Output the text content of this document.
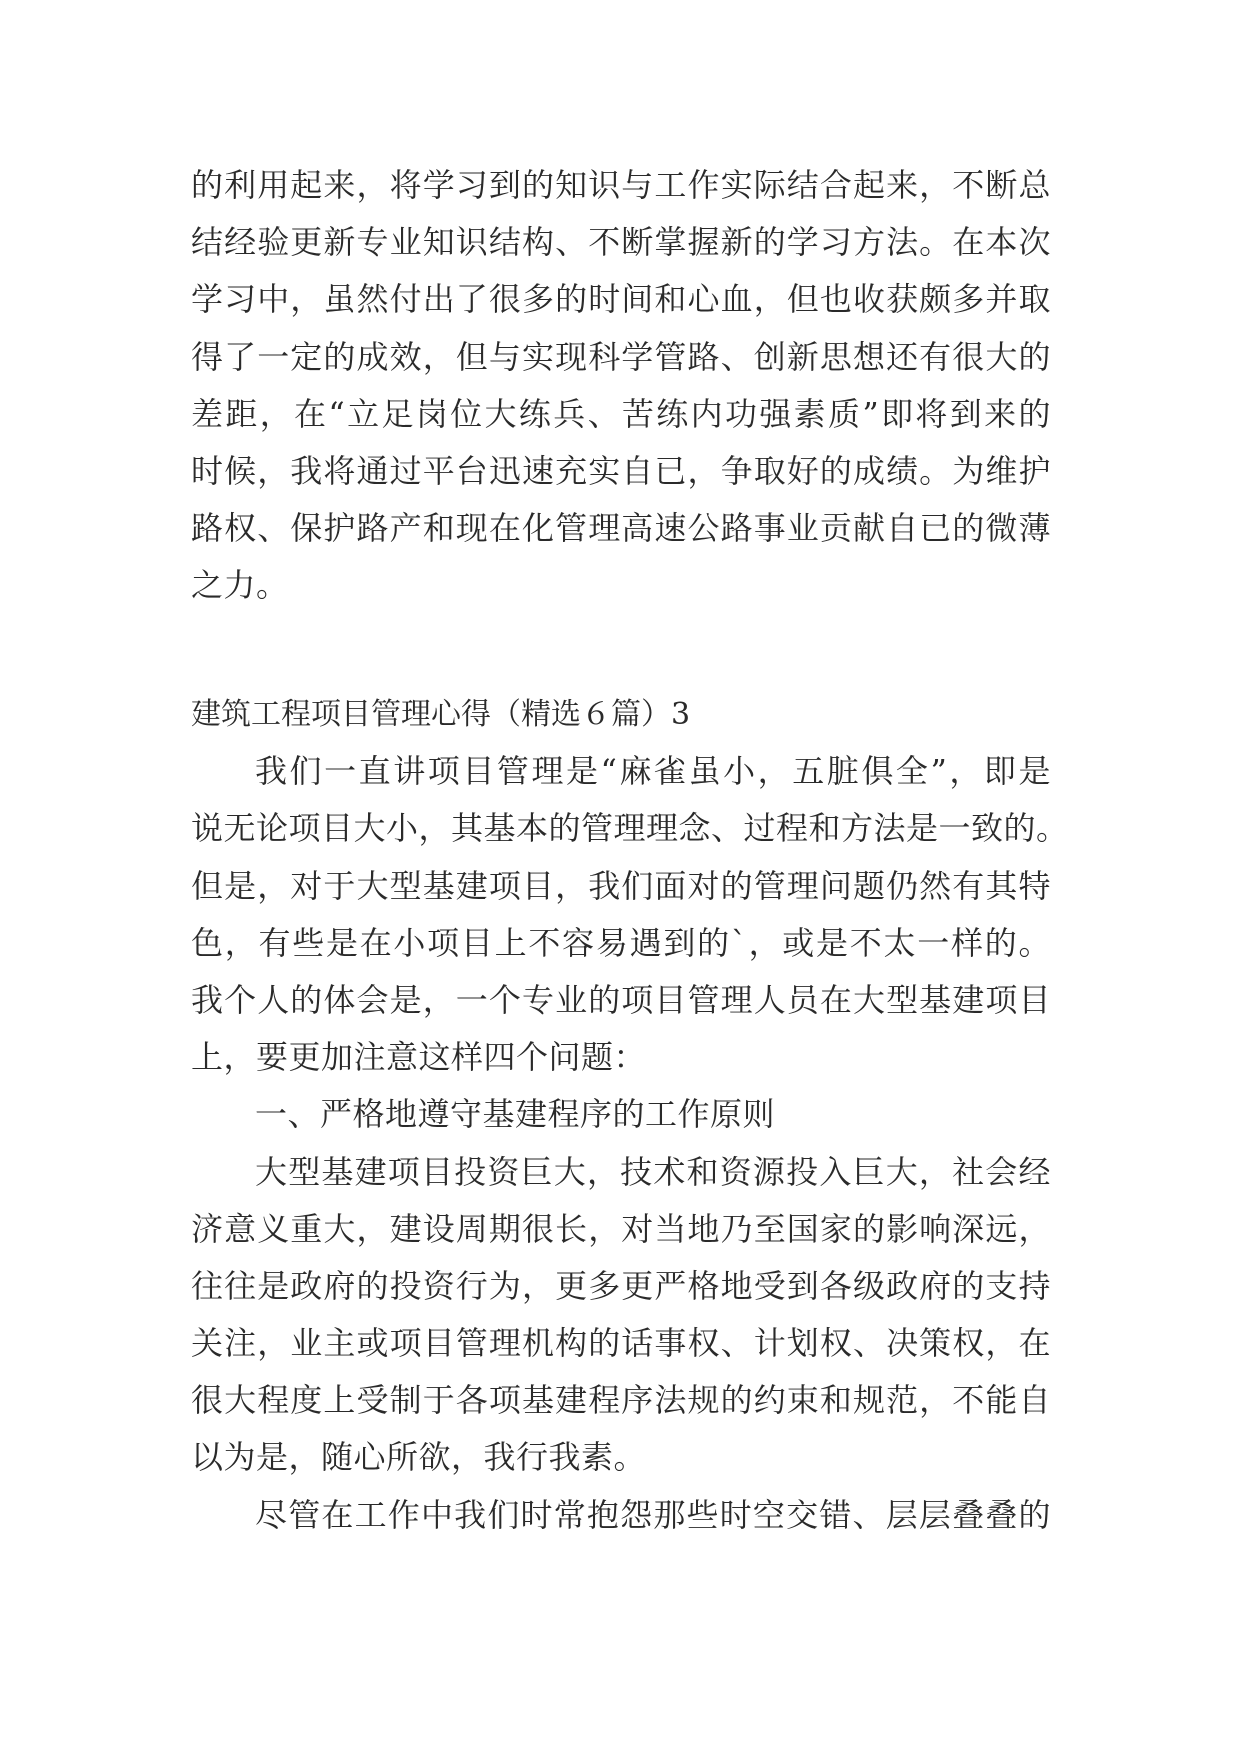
的利用起来，将学习到的知识与工作实际结合起来，不断总
结经验更新专业知识结构、不断掌握新的学习方法。在本次
学习中，虽然付出了很多的时间和心血，但也收获颇多并取
得了一定的成效，但与实现科学管路、创新思想还有很大的
差距，在“立足岗位大练兵、苦练内功强素质”即将到来的
时候，我将通过平台迅速充实自已，争取好的成绩。为维护
路权、保护路产和现在化管理高速公路事业贡献自已的微薄
之力。
建筑工程项目管理心得（精选６篇）3
我们一直讲项目管理是“麻雀虽小，五脏俱全”，即是
说无论项目大小，其基本的管理理念、过程和方法是一致的。
但是，对于大型基建项目，我们面对的管理问题仍然有其特
色，有些是在小项目上不容易遇到的`，或是不太一样的。
我个人的体会是，一个专业的项目管理人员在大型基建项目
上，要更加注意这样四个问题：
一、严格地遵守基建程序的工作原则
大型基建项目投资巨大，技术和资源投入巨大，社会经
济意义重大，建设周期很长，对当地乃至国家的影响深远，
往往是政府的投资行为，更多更严格地受到各级政府的支持
关注，业主或项目管理机构的话事权、计划权、决策权，在
很大程度上受制于各项基建程序法规的约束和规范，不能自
以为是，随心所欲，我行我素。
尽管在工作中我们时常抱怨那些时空交错、层层叠叠的
